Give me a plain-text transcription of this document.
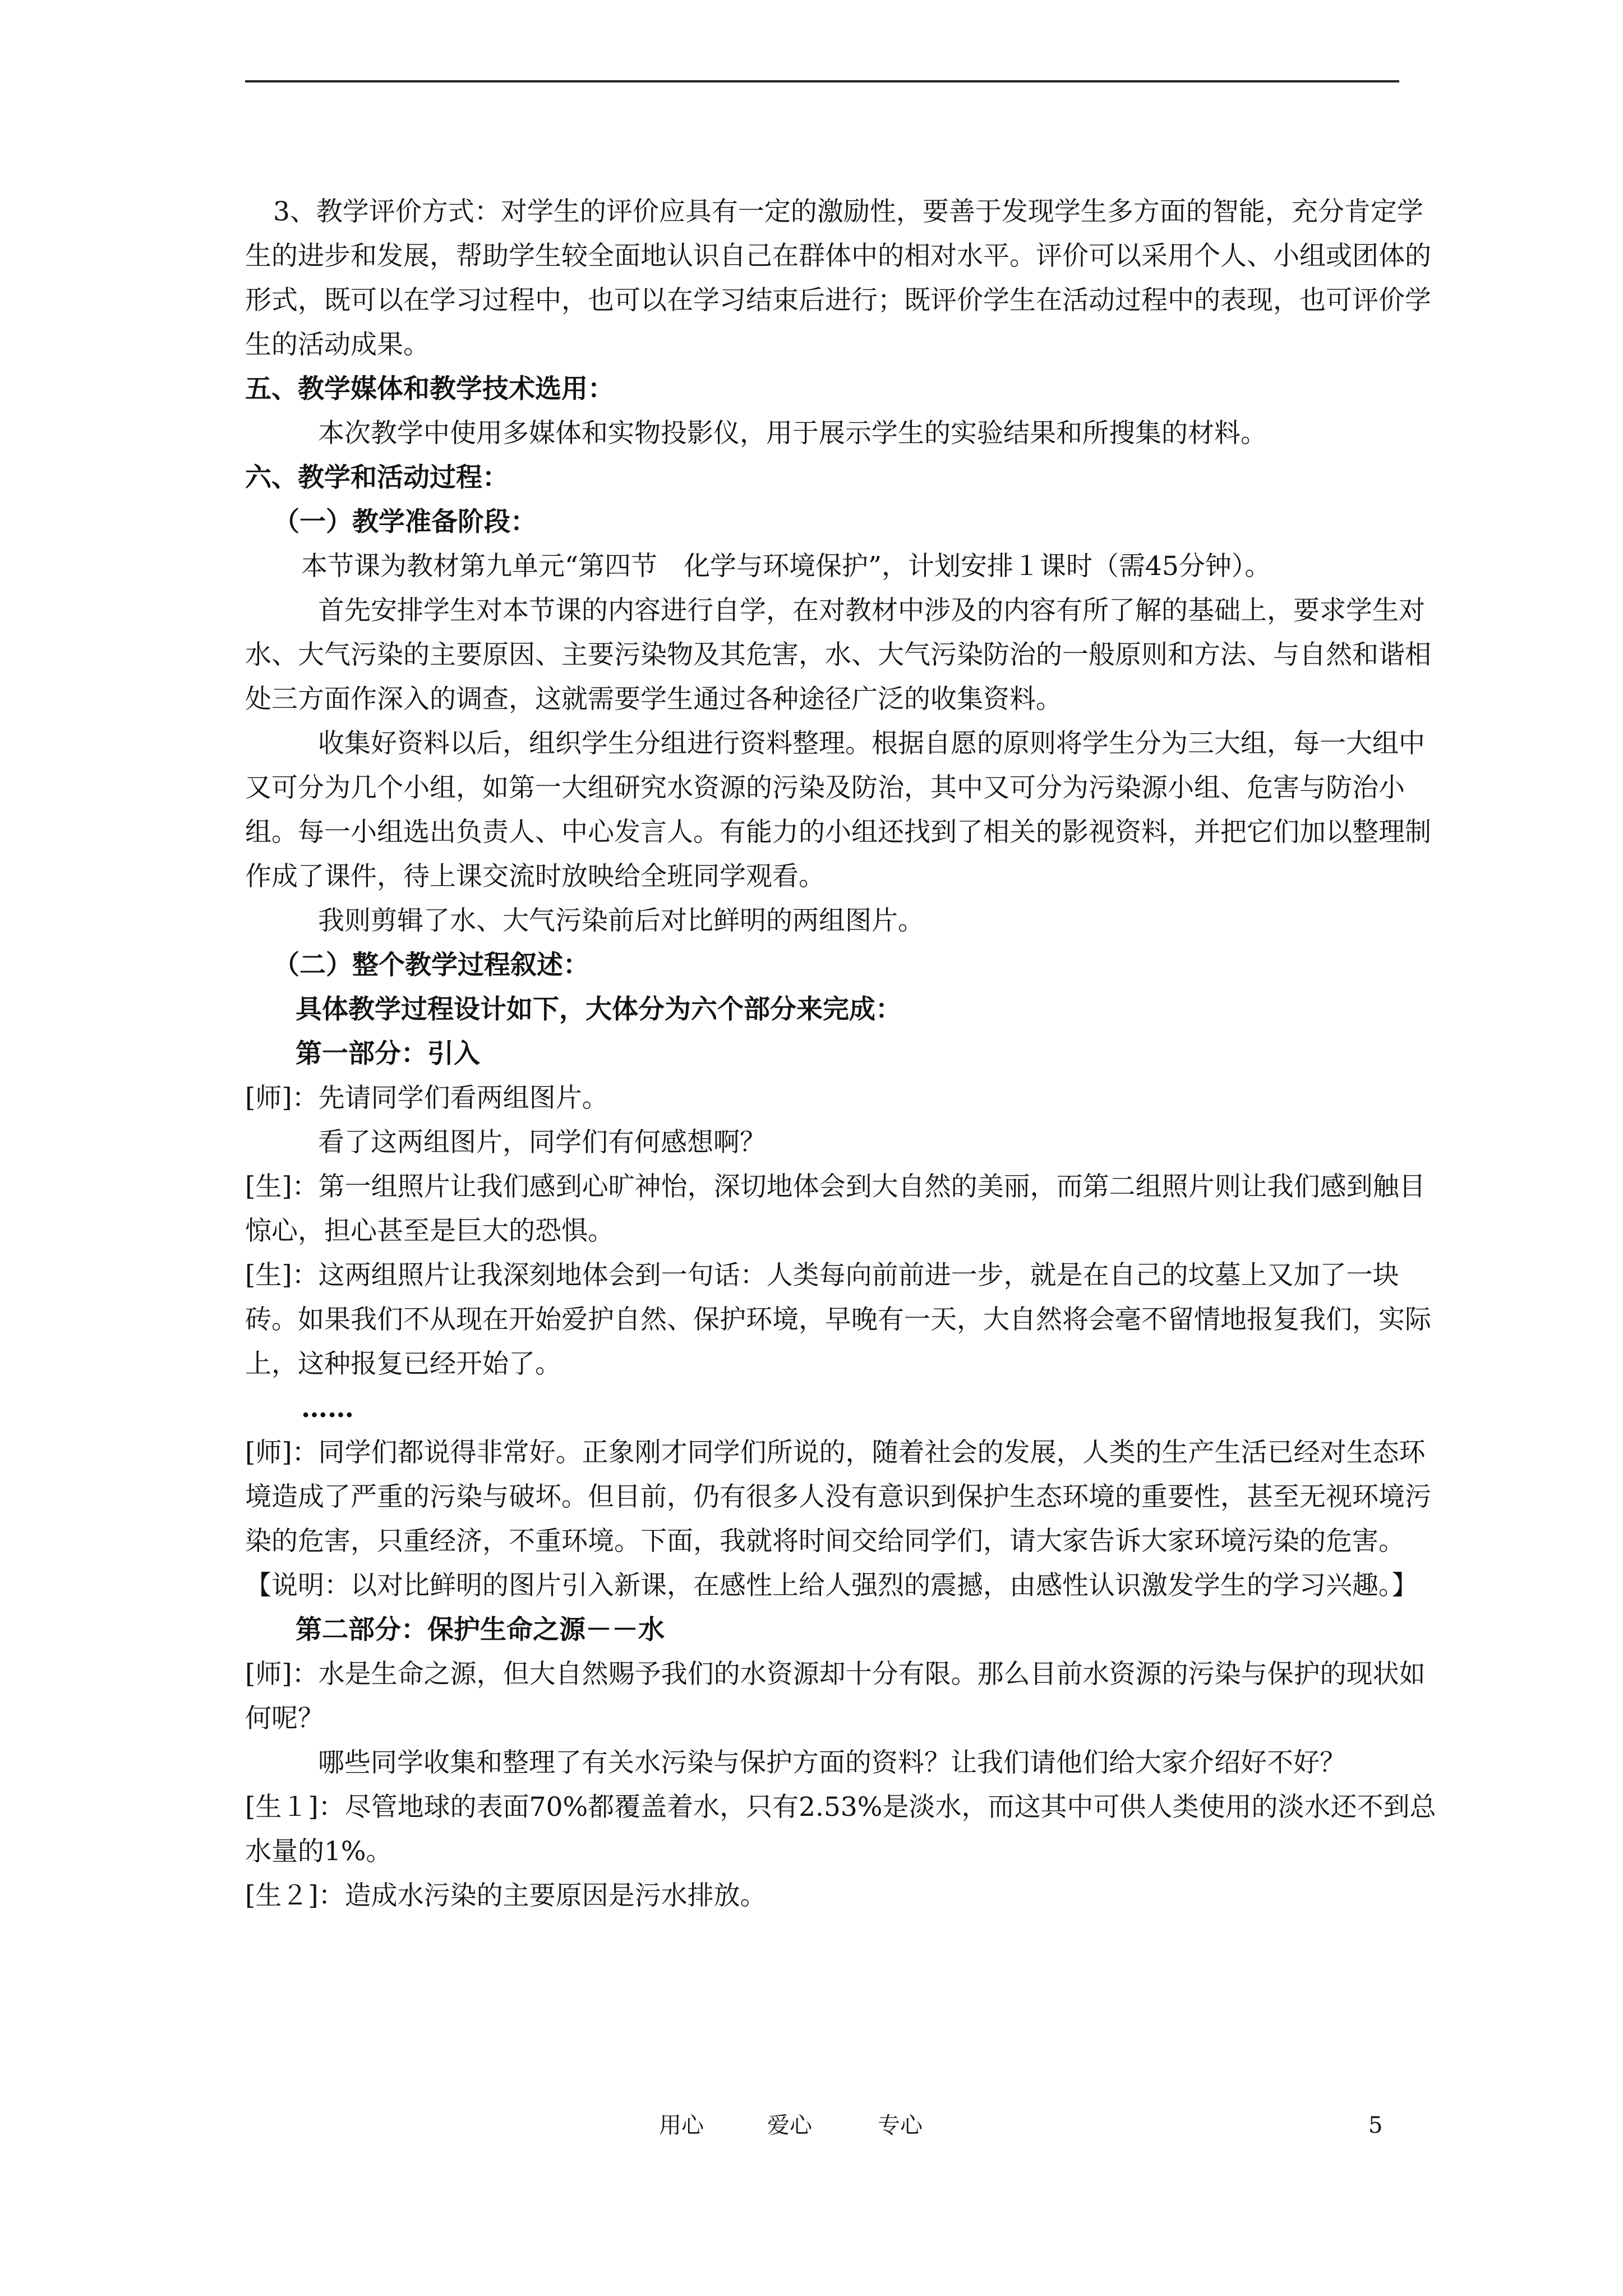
3、教学评价方式：对学生的评价应具有一定的激励性，要善于发现学生多方面的智能，充分肯定学生的进步和发展，帮助学生较全面地认识自己在群体中的相对水平。评价可以采用个人、小组或团体的形式，既可以在学习过程中，也可以在学习结束后进行；既评价学生在活动过程中的表现，也可评价学生的活动成果。

五、教学媒体和教学技术选用：

本次教学中使用多媒体和实物投影仪，用于展示学生的实验结果和所搜集的材料。

六、教学和活动过程：

（一）教学准备阶段：

本节课为教材第九单元“第四节　化学与环境保护”，计划安排１课时（需45分钟）。

首先安排学生对本节课的内容进行自学，在对教材中涉及的内容有所了解的基础上，要求学生对水、大气污染的主要原因、主要污染物及其危害，水、大气污染防治的一般原则和方法、与自然和谐相处三方面作深入的调查，这就需要学生通过各种途径广泛的收集资料。

收集好资料以后，组织学生分组进行资料整理。根据自愿的原则将学生分为三大组，每一大组中又可分为几个小组，如第一大组研究水资源的污染及防治，其中又可分为污染源小组、危害与防治小组。每一小组选出负责人、中心发言人。有能力的小组还找到了相关的影视资料，并把它们加以整理制作成了课件，待上课交流时放映给全班同学观看。

我则剪辑了水、大气污染前后对比鲜明的两组图片。

（二）整个教学过程叙述：

具体教学过程设计如下，大体分为六个部分来完成：

第一部分：引入

[师]：先请同学们看两组图片。

看了这两组图片，同学们有何感想啊？

[生]：第一组照片让我们感到心旷神怡，深切地体会到大自然的美丽，而第二组照片则让我们感到触目惊心，担心甚至是巨大的恐惧。

[生]：这两组照片让我深刻地体会到一句话：人类每向前前进一步，就是在自己的坟墓上又加了一块砖。如果我们不从现在开始爱护自然、保护环境，早晚有一天，大自然将会毫不留情地报复我们，实际上，这种报复已经开始了。

……

[师]：同学们都说得非常好。正象刚才同学们所说的，随着社会的发展，人类的生产生活已经对生态环境造成了严重的污染与破坏。但目前，仍有很多人没有意识到保护生态环境的重要性，甚至无视环境污染的危害，只重经济，不重环境。下面，我就将时间交给同学们，请大家告诉大家环境污染的危害。

【说明：以对比鲜明的图片引入新课，在感性上给人强烈的震撼，由感性认识激发学生的学习兴趣。】

第二部分：保护生命之源－－水

[师]：水是生命之源，但大自然赐予我们的水资源却十分有限。那么目前水资源的污染与保护的现状如何呢？

哪些同学收集和整理了有关水污染与保护方面的资料？让我们请他们给大家介绍好不好？

[生１]：尽管地球的表面70%都覆盖着水，只有2.53%是淡水，而这其中可供人类使用的淡水还不到总水量的1%。

[生２]：造成水污染的主要原因是污水排放。

用心	爱心	专心	5
